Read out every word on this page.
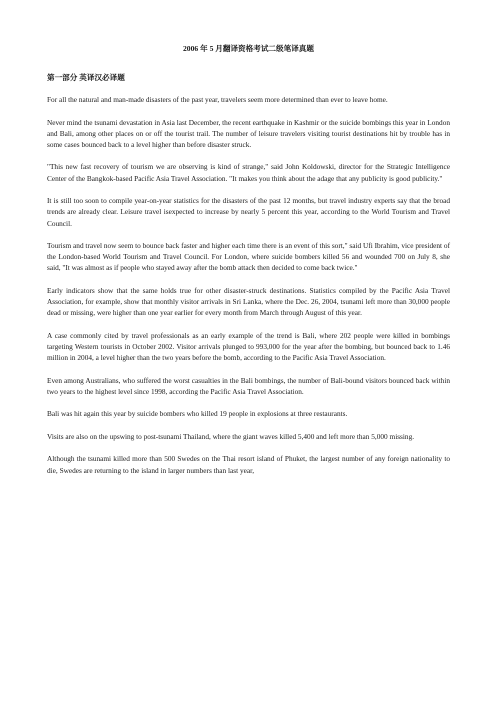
2006 年 5 月翻译资格考试二级笔译真题
第一部分 英译汉必译题
For all the natural and man-made disasters of the past year, travelers seem more determined than ever to leave home.
Never mind the tsunami devastation in Asia last December, the recent earthquake in Kashmir or the suicide bombings this year in London and Bali, among other places on or off the tourist trail. The number of leisure travelers visiting tourist destinations hit by trouble has in some cases bounced back to a level higher than before disaster struck.
"This new fast recovery of tourism we are observing is kind of strange," said John Koldowski, director for the Strategic Intelligence Center of the Bangkok-based Pacific Asia Travel Association. "It makes you think about the adage that any publicity is good publicity."
It is still too soon to compile year-on-year statistics for the disasters of the past 12 months, but travel industry experts say that the broad trends are already clear. Leisure travel isexpected to increase by nearly 5 percent this year, according to the World Tourism and Travel Council.
Tourism and travel now seem to bounce back faster and higher each time there is an event of this sort," said Ufi Ibrahim, vice president of the London-based World Tourism and Travel Council. For London, where suicide bombers killed 56 and wounded 700 on July 8, she said, "It was almost as if people who stayed away after the bomb attack then decided to come back twice."
Early indicators show that the same holds true for other disaster-struck destinations. Statistics compiled by the Pacific Asia Travel Association, for example, show that monthly visitor arrivals in Sri Lanka, where the Dec. 26, 2004, tsunami left more than 30,000 people dead or missing, were higher than one year earlier for every month from March through August of this year.
A case commonly cited by travel professionals as an early example of the trend is Bali, where 202 people were killed in bombings targeting Western tourists in October 2002. Visitor arrivals plunged to 993,000 for the year after the bombing, but bounced back to 1.46 million in 2004, a level higher than the two years before the bomb, according to the Pacific Asia Travel Association.
Even among Australians, who suffered the worst casualties in the Bali bombings, the number of Bali-bound visitors bounced back within two years to the highest level since 1998, according the Pacific Asia Travel Association.
Bali was hit again this year by suicide bombers who killed 19 people in explosions at three restaurants.
Visits are also on the upswing to post-tsunami Thailand, where the giant waves killed 5,400 and left more than 5,000 missing.
Although the tsunami killed more than 500 Swedes on the Thai resort island of Phuket, the largest number of any foreign nationality to die, Swedes are returning to the island in larger numbers than last year,
